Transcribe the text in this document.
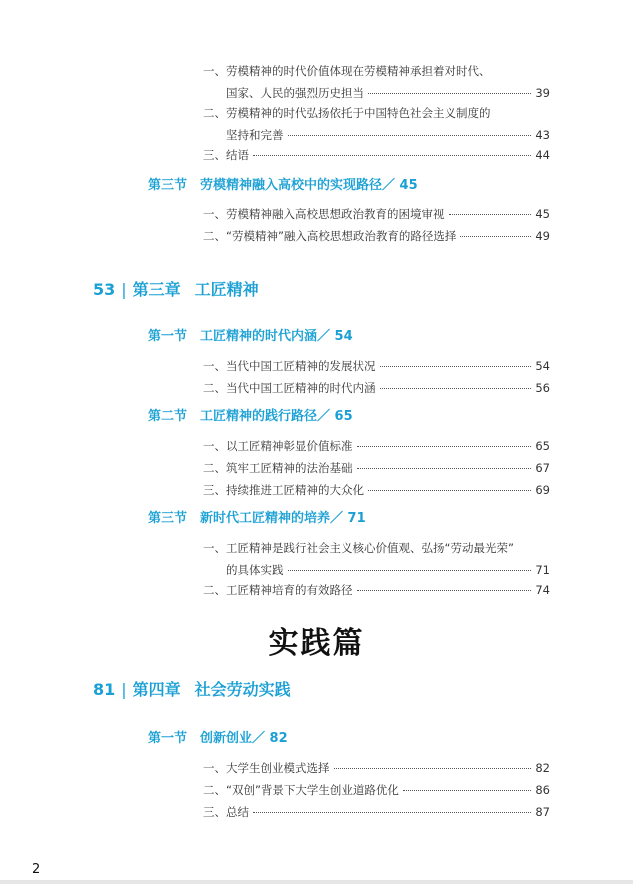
一、劳模精神的时代价值体现在劳模精神承担着对时代、
国家、人民的强烈历史担当	39
二、劳模精神的时代弘扬依托于中国特色社会主义制度的
坚持和完善	43
三、结语	44
第三节 劳模精神融入高校中的实现路径／ 45
一、劳模精神融入高校思想政治教育的困境审视	45
二、“劳模精神”融入高校思想政治教育的路径选择	49
53 | 第三章 工匠精神
第一节 工匠精神的时代内涵／ 54
一、当代中国工匠精神的发展状况	54
二、当代中国工匠精神的时代内涵	56
第二节 工匠精神的践行路径／ 65
一、以工匠精神彰显价值标准	65
二、筑牢工匠精神的法治基础	67
三、持续推进工匠精神的大众化	69
第三节 新时代工匠精神的培养／ 71
一、工匠精神是践行社会主义核心价值观、弘扬“劳动最光荣”
的具体实践	71
二、工匠精神培育的有效路径	74
实践篇
81 | 第四章 社会劳动实践
第一节 创新创业／ 82
一、大学生创业模式选择	82
二、“双创”背景下大学生创业道路优化	86
三、总结	87
2
